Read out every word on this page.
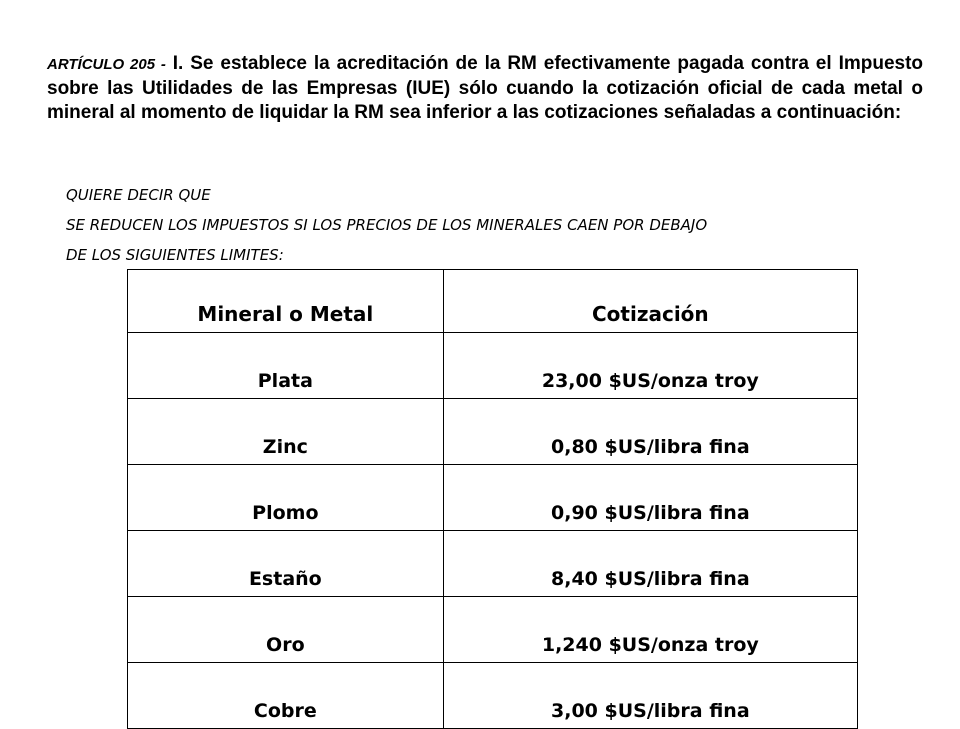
ARTÍCULO 205 - I. Se establece la acreditación de la RM efectivamente pagada contra el Impuesto sobre las Utilidades de las Empresas (IUE) sólo cuando la cotización oficial de cada metal o mineral al momento de liquidar la RM sea inferior a las cotizaciones señaladas a continuación:

QUIERE DECIR QUE

SE REDUCEN LOS IMPUESTOS SI LOS PRECIOS DE LOS MINERALES CAEN POR DEBAJO

DE LOS SIGUIENTES LIMITES:

Mineral o Metal	Cotización
Plata	23,00 $US/onza troy
Zinc	0,80 $US/libra fina
Plomo	0,90 $US/libra fina
Estaño	8,40 $US/libra fina
Oro	1,240 $US/onza troy
Cobre	3,00 $US/libra fina
